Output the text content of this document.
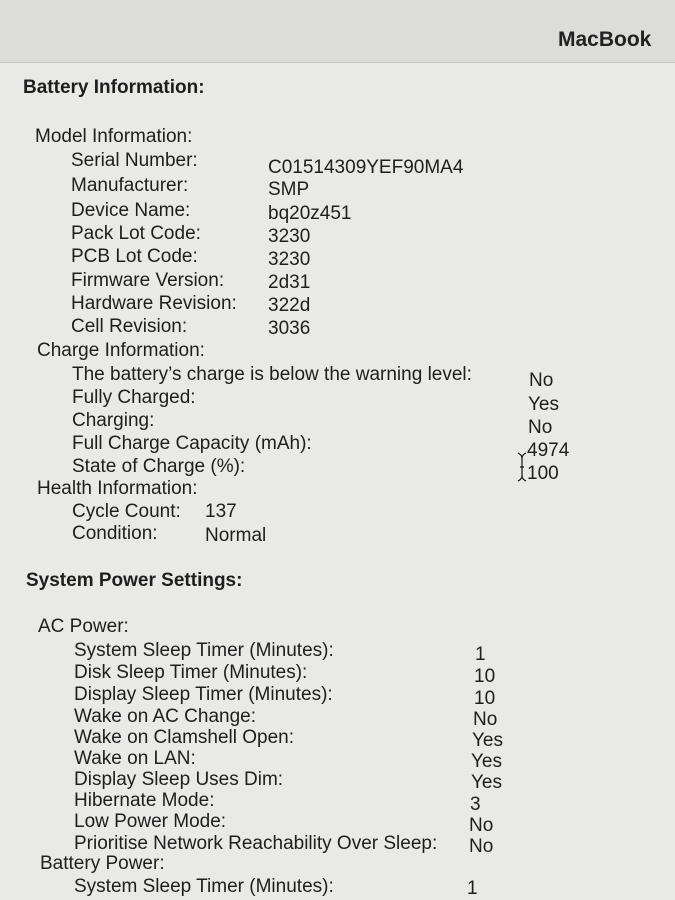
MacBook
Battery Information:
Model Information:
Serial Number:	C01514309YEF90MA4
Manufacturer:	SMP
Device Name:	bq20z451
Pack Lot Code:	3230
PCB Lot Code:	3230
Firmware Version: 2d31
Hardware Revision: 322d
Cell Revision:	3036
Charge Information:
The battery’s charge is below the warning level:	No
Fully Charged:	Yes
Charging:	No
Full Charge Capacity (mAh):	4974
State of Charge (%):	100
Health Information:
Cycle Count: 137
Condition: Normal
System Power Settings:
AC Power:
System Sleep Timer (Minutes):	1
Disk Sleep Timer (Minutes):	10
Display Sleep Timer (Minutes):	10
Wake on AC Change:	No
Wake on Clamshell Open:	Yes
Wake on LAN:	Yes
Display Sleep Uses Dim:	Yes
Hibernate Mode:	3
Low Power Mode:	No
Prioritise Network Reachability Over Sleep: No
Battery Power:
System Sleep Timer (Minutes):	1
